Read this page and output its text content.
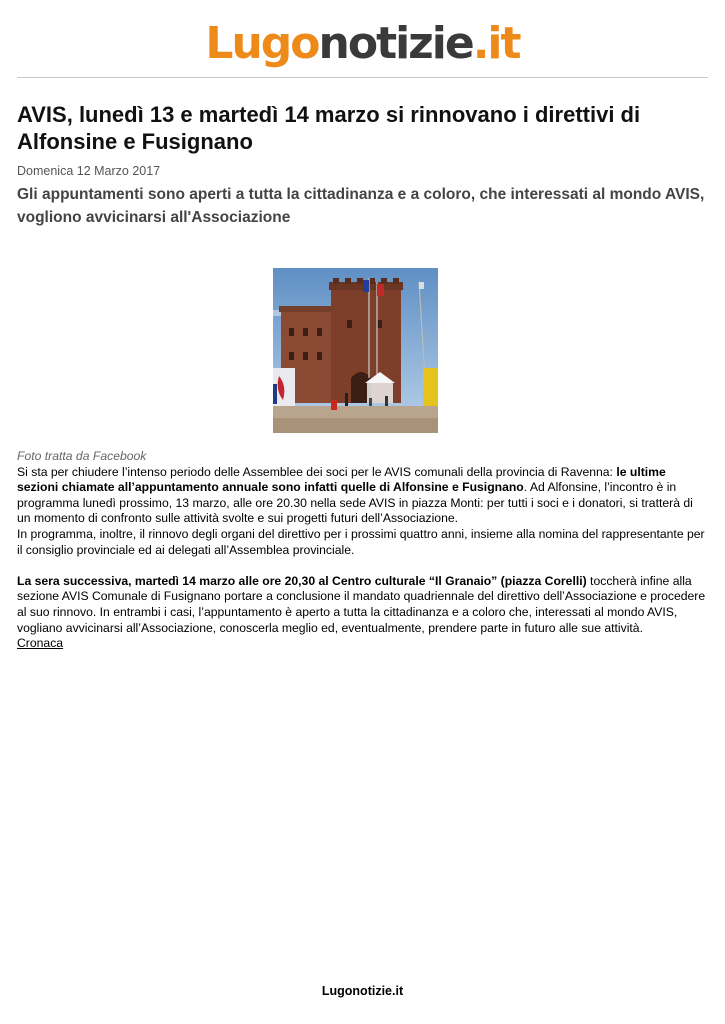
Lugonotizie.it
AVIS, lunedì 13 e martedì 14 marzo si rinnovano i direttivi di Alfonsine e Fusignano
Domenica 12 Marzo 2017
Gli appuntamenti sono aperti a tutta la cittadinanza e a coloro, che interessati al mondo AVIS, vogliono avvicinarsi all'Associazione

Foto tratta da Facebook

Si sta per chiudere l’intenso periodo delle Assemblee dei soci per le AVIS comunali della provincia di Ravenna: le ultime sezioni chiamate all’appuntamento annuale sono infatti quelle di Alfonsine e Fusignano. Ad Alfonsine, l’incontro è in programma lunedì prossimo, 13 marzo, alle ore 20.30 nella sede AVIS in piazza Monti: per tutti i soci e i donatori, si tratterà di un momento di confronto sulle attività svolte e sui progetti futuri dell’Associazione.

In programma, inoltre, il rinnovo degli organi del direttivo per i prossimi quattro anni, insieme alla nomina del rappresentante per il consiglio provinciale ed ai delegati all’Assemblea provinciale.

La sera successiva, martedì 14 marzo alle ore 20,30 al Centro culturale “Il Granaio” (piazza Corelli) toccherà infine alla sezione AVIS Comunale di Fusignano portare a conclusione il mandato quadriennale del direttivo dell’Associazione e procedere al suo rinnovo. In entrambi i casi, l’appuntamento è aperto a tutta la cittadinanza e a coloro che, interessati al mondo AVIS, vogliano avvicinarsi all’Associazione, conoscerla meglio ed, eventualmente, prendere parte in futuro alle sue attività.

Cronaca
Lugonotizie.it
